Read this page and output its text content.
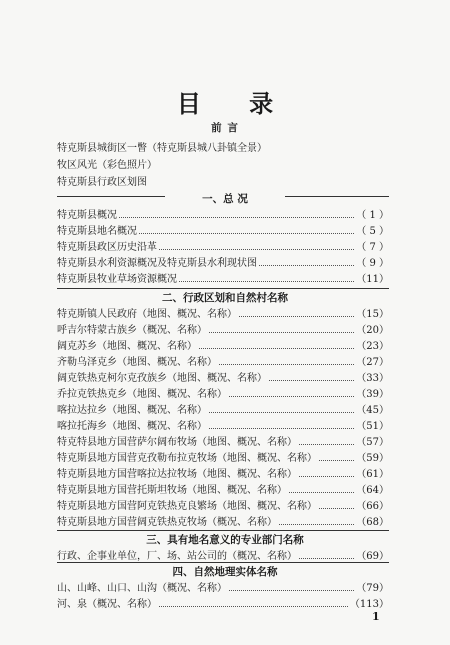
目 录
前 言
特克斯县城街区一瞥（特克斯县城八卦镇全景）
牧区风光（彩色照片）
特克斯县行政区划图
一、总 况
特克斯县概况	（ 1 ）
特克斯县地名概况	（ 5 ）
特克斯县政区历史沿革	（ 7 ）
特克斯县水利资源概况及特克斯县水利现状图	（ 9 ）
特克斯县牧业草场资源概况	（11）
二、行政区划和自然村名称
特克斯镇人民政府（地图、概况、名称）	（15）
呼吉尔特蒙古族乡（概况、名称）	（20）
阔克苏乡（地图、概况、名称）	（23）
齐勒乌泽克乡（地图、概况、名称）	（27）
阔克铁热克柯尔克孜族乡（地图、概况、名称）	（33）
乔拉克铁热克乡（地图、概况、名称）	（39）
喀拉达拉乡（地图、概况、名称）	（45）
喀拉托海乡（地图、概况、名称）	（51）
特克特县地方国营萨尔阔布牧场（地图、概况、名称）	（57）
特克斯县地方国营克孜勒布拉克牧场（地图、概况、名称）	（59）
特克斯县地方国营喀拉达拉牧场（地图、概况、名称）	（61）
特克斯县地方国营托斯坦牧场（地图、概况、名称）	（64）
特克斯县地方国营阿克铁热克良繁场（地图、概况、名称）	（66）
特克斯县地方国营阔克铁热克牧场（概况、名称）	（68）
三、具有地名意义的专业部门名称
行政、企事业单位，厂、场、站公司的（概况、名称）	（69）
四、自然地理实体名称
山、山峰、山口、山沟（概况、名称）	（79）
河、泉（概况、名称）	（113）
1
